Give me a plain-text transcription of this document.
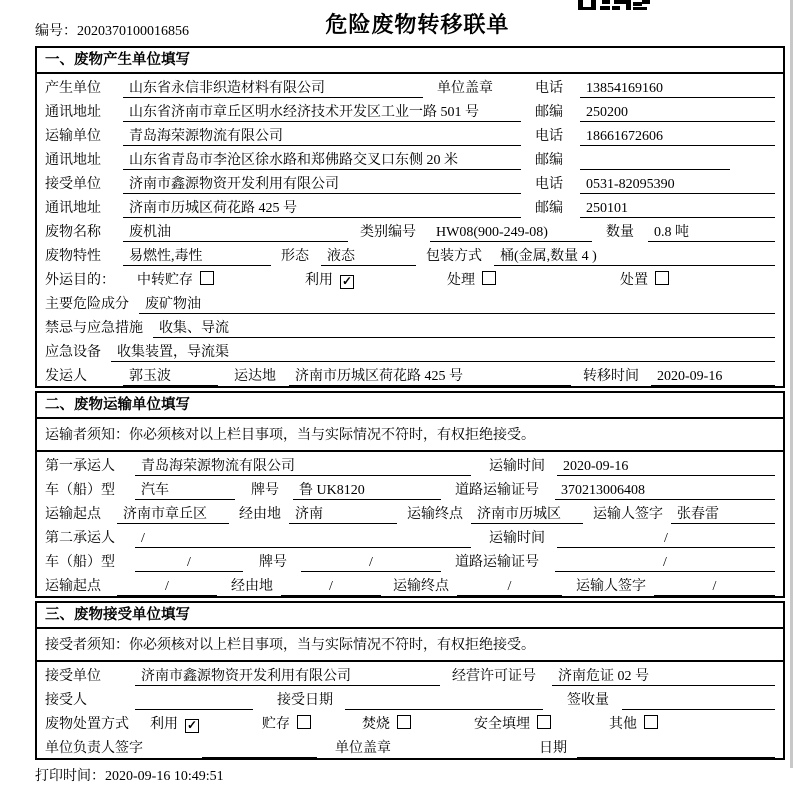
编号：2020370100016856	危险废物转移联单
一、废物产生单位填写
产生单位	山东省永信非织造材料有限公司	单位盖章	电话	13854169160
通讯地址	山东省济南市章丘区明水经济技术开发区工业一路 501 号	邮编	250200
运输单位	青岛海荣源物流有限公司	电话	18661672606
通讯地址	山东省青岛市李沧区徐水路和郑佛路交叉口东侧 20 米	邮编
接受单位	济南市鑫源物资开发利用有限公司	电话	0531-82095390
通讯地址	济南市历城区荷花路 425 号	邮编	250101
废物名称	废机油	类别编号	HW08(900-249-08)	数量	0.8 吨
废物特性	易燃性,毒性	形态	液态	包装方式	桶(金属,数量 4 )
外运目的：	中转贮存	利用 ✓	处理	处置
主要危险成分	废矿物油
禁忌与应急措施	收集、导流
应急设备	收集装置，导流渠
发运人	郭玉波	运达地	济南市历城区荷花路 425 号	转移时间	2020-09-16
二、废物运输单位填写
运输者须知：你必须核对以上栏目事项，当与实际情况不符时，有权拒绝接受。
第一承运人	青岛海荣源物流有限公司	运输时间	2020-09-16
车（船）型	汽车	牌号	鲁 UK8120	道路运输证号	370213006408
运输起点	济南市章丘区	经由地	济南	运输终点	济南市历城区	运输人签字	张春雷
第二承运人	/	运输时间	/
车（船）型	/	牌号	/	道路运输证号	/
运输起点	/	经由地	/	运输终点	/	运输人签字	/
三、废物接受单位填写
接受者须知：你必须核对以上栏目事项，当与实际情况不符时，有权拒绝接受。
接受单位	济南市鑫源物资开发利用有限公司	经营许可证号	济南危证 02 号
接受人	接受日期	签收量
废物处置方式	利用 ✓	贮存	焚烧	安全填埋	其他
单位负责人签字	单位盖章	日期
打印时间：2020-09-16 10:49:51
